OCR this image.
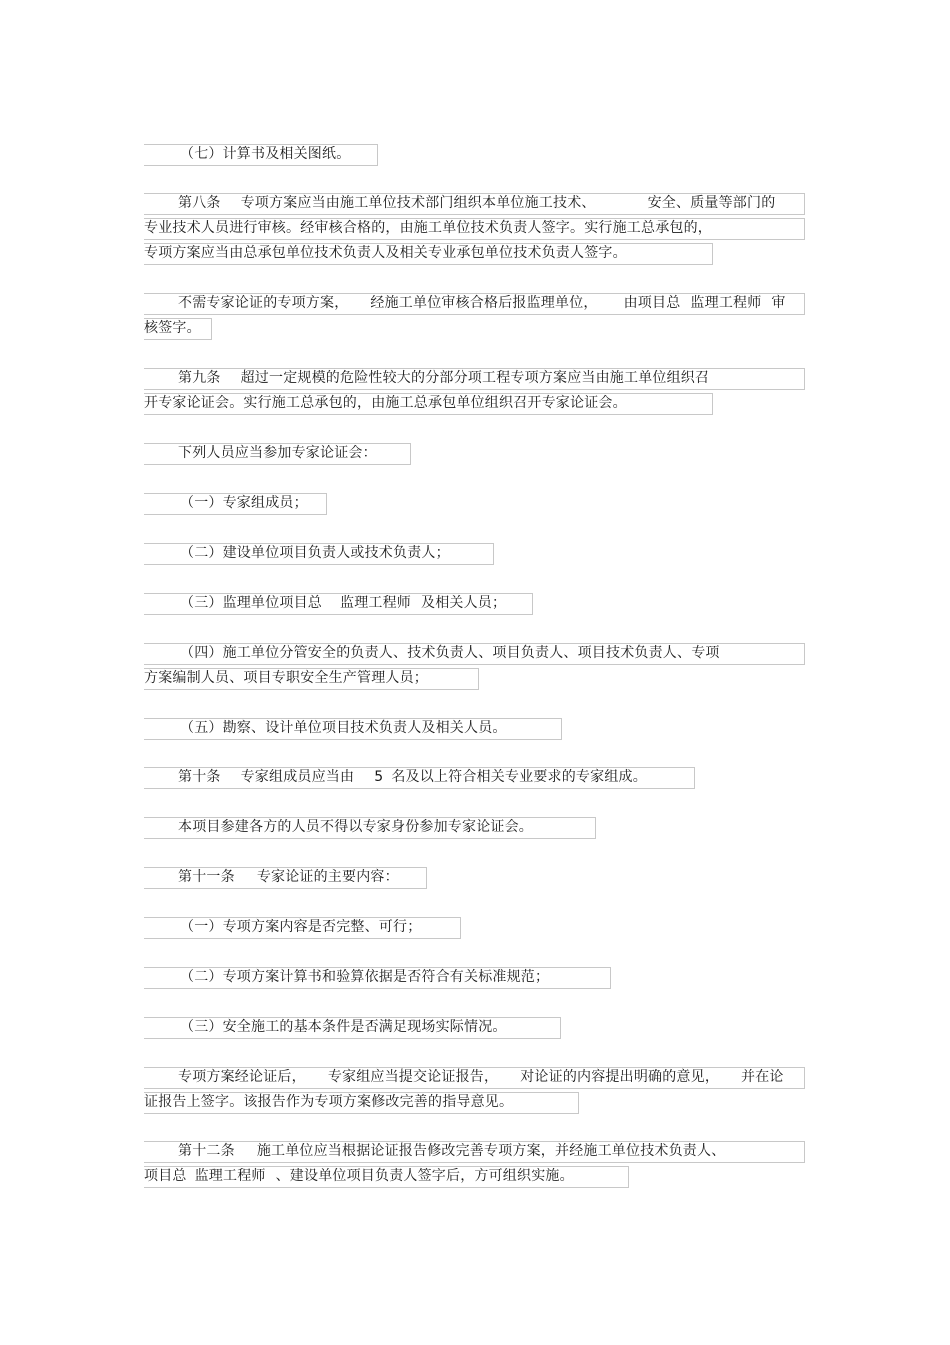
（七）计算书及相关图纸。
第八条 专项方案应当由施工单位技术部门组织本单位施工技术、	安全、质量等部门的
专业技术人员进行审核。经审核合格的，由施工单位技术负责人签字。实行施工总承包的，
专项方案应当由总承包单位技术负责人及相关专业承包单位技术负责人签字。
不需专家论证的专项方案， 经施工单位审核合格后报监理单位， 由项目总 监理工程师 审
核签字。
第九条 超过一定规模的危险性较大的分部分项工程专项方案应当由施工单位组织召
开专家论证会。实行施工总承包的，由施工总承包单位组织召开专家论证会。
下列人员应当参加专家论证会：
（一）专家组成员；
（二）建设单位项目负责人或技术负责人；
（三）监理单位项目总 监理工程师 及相关人员；
（四）施工单位分管安全的负责人、技术负责人、项目负责人、项目技术负责人、专项
方案编制人员、项目专职安全生产管理人员；
（五）勘察、设计单位项目技术负责人及相关人员。
第十条 专家组成员应当由 5 名及以上符合相关专业要求的专家组成。
本项目参建各方的人员不得以专家身份参加专家论证会。
第十一条 专家论证的主要内容：
（一）专项方案内容是否完整、可行；
（二）专项方案计算书和验算依据是否符合有关标准规范；
（三）安全施工的基本条件是否满足现场实际情况。
专项方案经论证后， 专家组应当提交论证报告， 对论证的内容提出明确的意见， 并在论
证报告上签字。该报告作为专项方案修改完善的指导意见。
第十二条 施工单位应当根据论证报告修改完善专项方案，并经施工单位技术负责人、
项目总 监理工程师 、建设单位项目负责人签字后，方可组织实施。
